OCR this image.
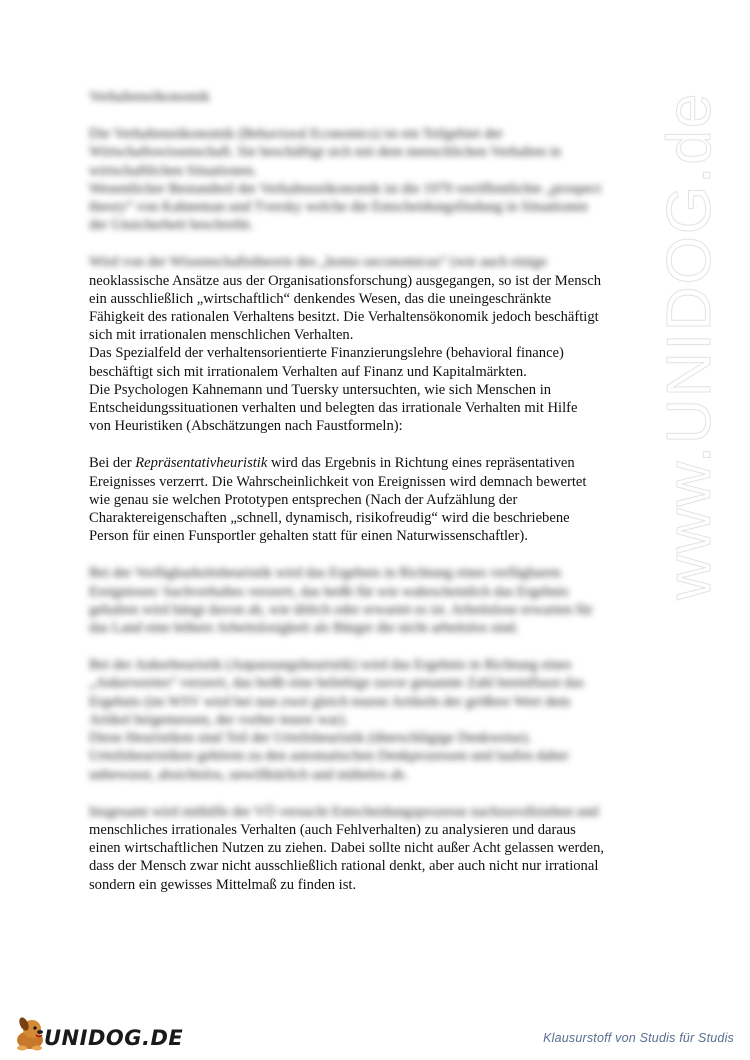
www.UNIDOG.de
Verhaltensökonomik
Die Verhaltensökonomik (Behavioral Economics) ist ein Teilgebiet der
Wirtschaftswissenschaft. Sie beschäftigt sich mit dem menschlichen Verhalten in
wirtschaftlichen Situationen.
Wesentlicher Bestandteil der Verhaltensökonomik ist die 1979 veröffentlichte „prospect
theory“ von Kahneman und Tversky welche die Entscheidungsfindung in Situationen
der Unsicherheit beschreibt.
Wird von der Wissenschaftstheorie des „homo oeconomicus“ (wie auch einige
neoklassische Ansätze aus der Organisationsforschung) ausgegangen, so ist der Mensch
ein ausschließlich „wirtschaftlich“ denkendes Wesen, das die uneingeschränkte
Fähigkeit des rationalen Verhaltens besitzt. Die Verhaltensökonomik jedoch beschäftigt
sich mit irrationalen menschlichen Verhalten.
Das Spezialfeld der verhaltensorientierte Finanzierungslehre (behavioral finance)
beschäftigt sich mit irrationalem Verhalten auf Finanz und Kapitalmärkten.
Die Psychologen Kahnemann und Tuersky untersuchten, wie sich Menschen in
Entscheidungssituationen verhalten und belegten das irrationale Verhalten mit Hilfe
von Heuristiken (Abschätzungen nach Faustformeln):
Bei der Repräsentativheuristik wird das Ergebnis in Richtung eines repräsentativen
Ereignisses verzerrt. Die Wahrscheinlichkeit von Ereignissen wird demnach bewertet
wie genau sie welchen Prototypen entsprechen (Nach der Aufzählung der
Charaktereigenschaften „schnell, dynamisch, risikofreudig“ wird die beschriebene
Person für einen Funsportler gehalten statt für einen Naturwissenschaftler).
Bei der Verfügbarkeitsheuristik wird das Ergebnis in Richtung eines verfügbaren
Ereignisses/ Sachverhaltes verzerrt, das heißt für wie wahrscheinlich das Ergebnis
gehalten wird hängt davon ab, wie üblich oder erwartet es ist. Arbeitslose erwarten für
das Land eine höhere Arbeitslosigkeit als Bürger die nicht arbeitslos sind.
Bei der Ankerheuristik (Anpassungsheuristik) wird das Ergebnis in Richtung eines
„Ankerwertes“ verzerrt, das heißt eine beliebige zuvor genannte Zahl beeinflusst das
Ergebnis (im WSV wird bei nun zwei gleich teuren Artikeln der größere Wert dem
Artikel beigemessen, der vorher teurer war).
Diese Heuristiken sind Teil der Urteilsheuristik (überschlägige Denkweise).
Urteilsheuristiken gehören zu den automatischen Denkprozessen und laufen daher
unbewusst, absichtslos, unwillkürlich und mühelos ab.
Insgesamt wird mithilfe der VÖ versucht Entscheidungsprozesse nachzuvollziehen und
menschliches irrationales Verhalten (auch Fehlverhalten) zu analysieren und daraus
einen wirtschaftlichen Nutzen zu ziehen. Dabei sollte nicht außer Acht gelassen werden,
dass der Mensch zwar nicht ausschließlich rational denkt, aber auch nicht nur irrational
sondern ein gewisses Mittelmaß zu finden ist.
UNIDOG.DE	Klausurstoff von Studis für Studis
